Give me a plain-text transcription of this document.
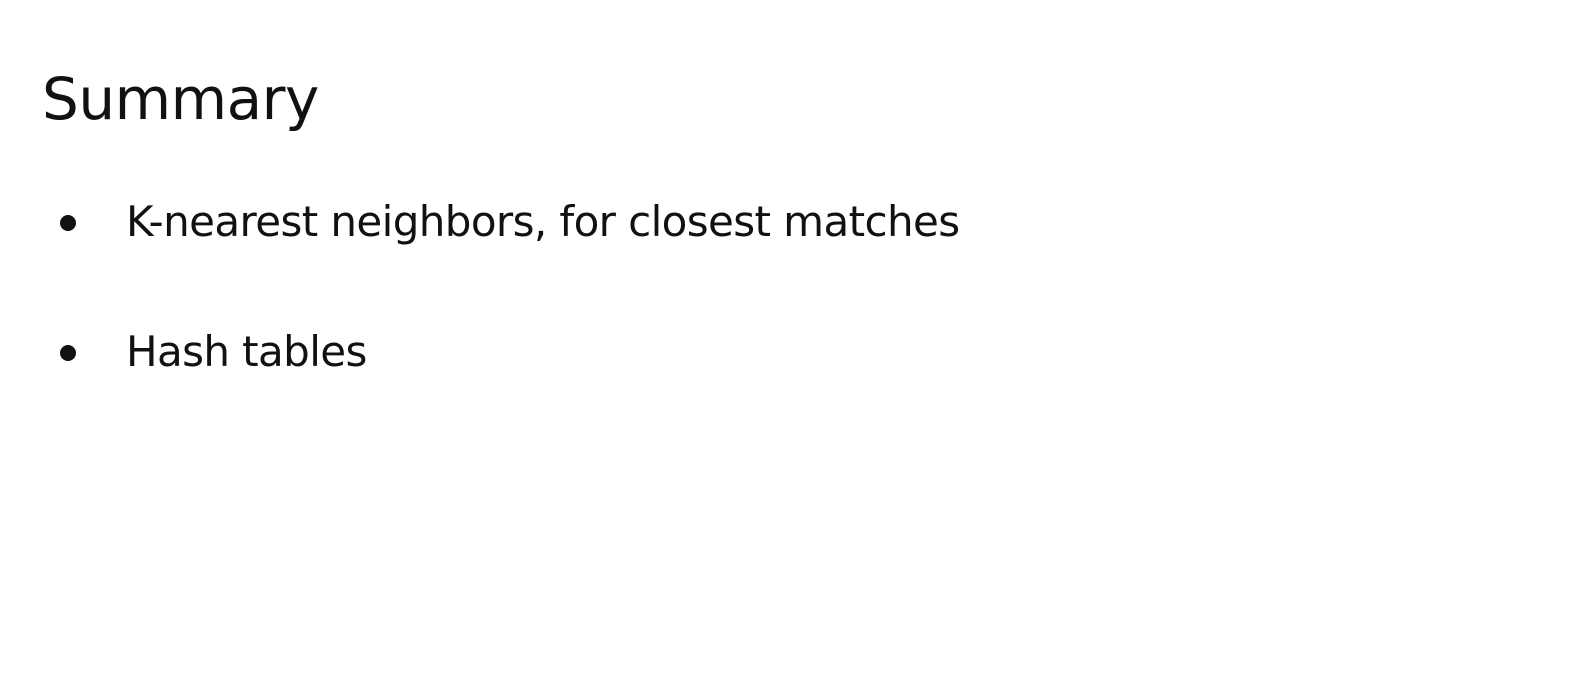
Summary
K-nearest neighbors, for closest matches
Hash tables
